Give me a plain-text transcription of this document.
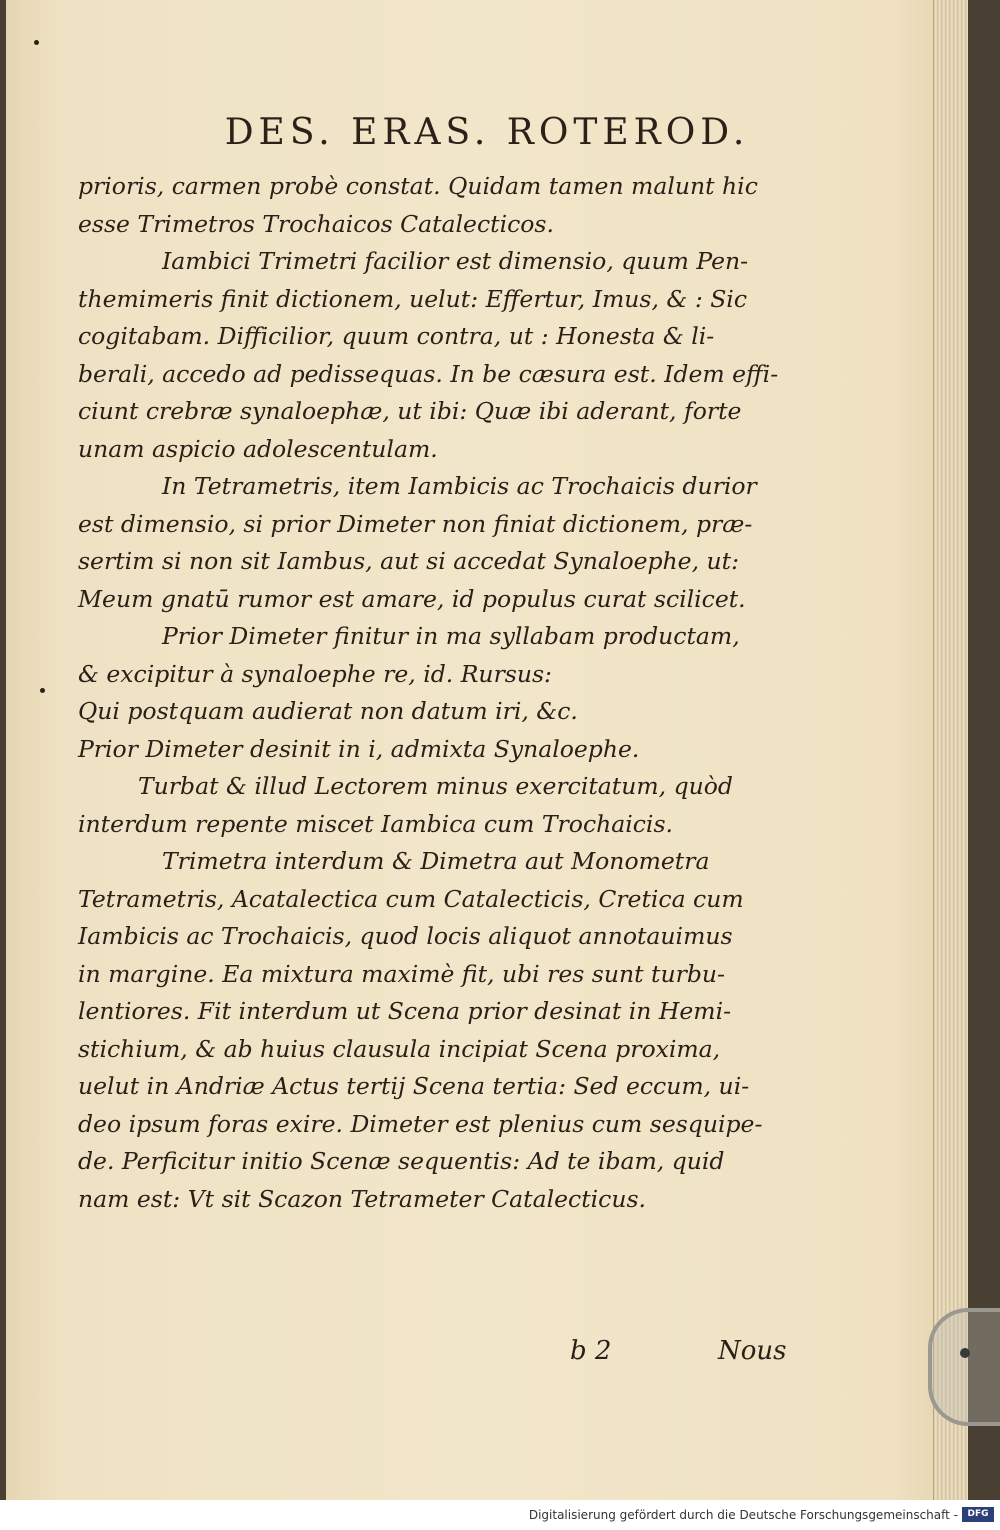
DES. ERAS. ROTEROD.
prioris, carmen probè constat. Quidam tamen malunt hic
esse Trimetros Trochaicos Catalecticos.
Iambici Trimetri facilior est dimensio, quum Pen-
themimeris finit dictionem, uelut: Effertur, Imus, & : Sic
cogitabam. Difficilior, quum contra, ut : Honesta & li-
berali, accedo ad pedissequas. In be cæsura est. Idem effi-
ciunt crebræ synaloephæ, ut ibi: Quæ ibi aderant, forte
unam aspicio adolescentulam.
In Tetrametris, item Iambicis ac Trochaicis durior
est dimensio, si prior Dimeter non finiat dictionem, præ-
sertim si non sit Iambus, aut si accedat Synaloephe, ut:
Meum gnatū rumor est amare, id populus curat scilicet.
Prior Dimeter finitur in ma syllabam productam,
& excipitur à synaloephe re, id. Rursus:
Qui postquam audierat non datum iri, &c.
Prior Dimeter desinit in i, admixta Synaloephe.
Turbat & illud Lectorem minus exercitatum, quòd
interdum repente miscet Iambica cum Trochaicis.
Trimetra interdum & Dimetra aut Monometra
Tetrametris, Acatalectica cum Catalecticis, Cretica cum
Iambicis ac Trochaicis, quod locis aliquot annotauimus
in margine. Ea mixtura maximè fit, ubi res sunt turbu-
lentiores. Fit interdum ut Scena prior desinat in Hemi-
stichium, & ab huius clausula incipiat Scena proxima,
uelut in Andriæ Actus tertij Scena tertia: Sed eccum, ui-
deo ipsum foras exire. Dimeter est plenius cum sesquipe-
de. Perficitur initio Scenæ sequentis: Ad te ibam, quid
nam est: Vt sit Scazon Tetrameter Catalecticus.
b 2	Nous
Digitalisierung gefördert durch die Deutsche Forschungsgemeinschaft -	DFG
